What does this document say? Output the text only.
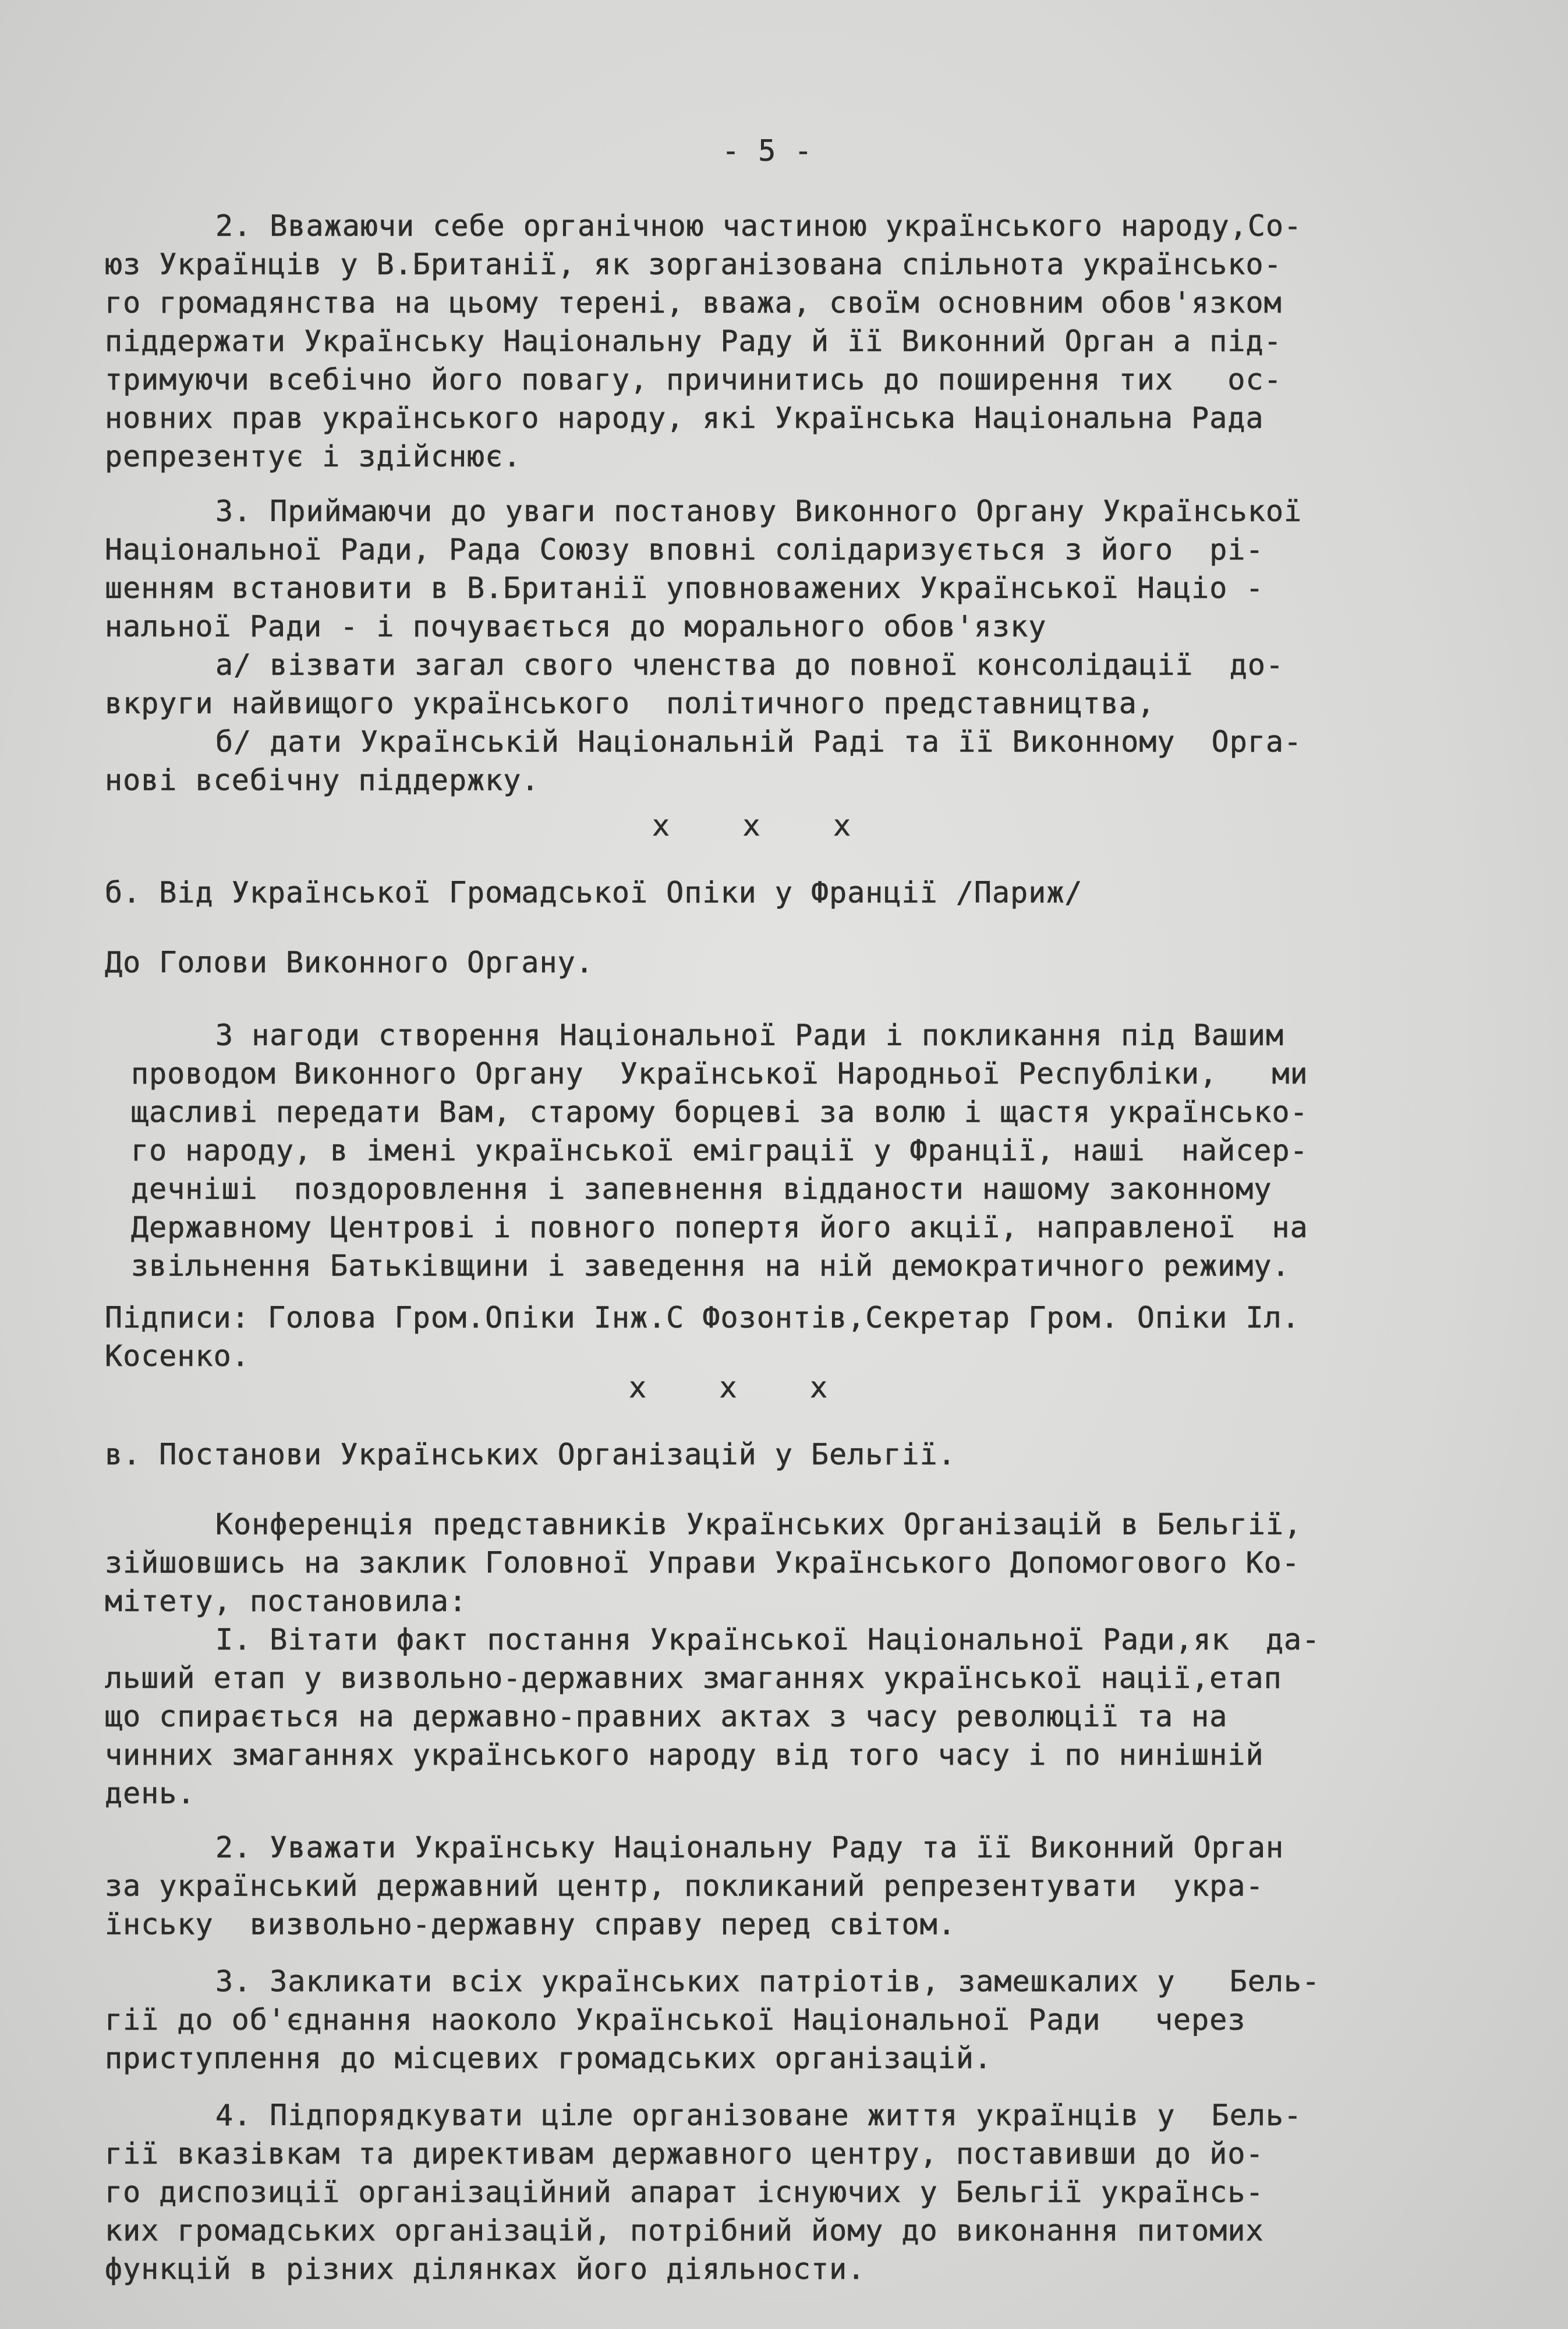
- 5 -
2. Вважаючи себе органічною частиною українського народу,Со-
юз Українців у В.Британії, як зорганізована спільнота українсько-
го громадянства на цьому терені, вважа, своїм основним обов'язком
піддержати Українську Національну Раду й її Виконний Орган а під-
тримуючи всебічно його повагу, причинитись до поширення тих   ос-
новних прав українського народу, які Українська Національна Рада
репрезентує і здійснює.
3. Приймаючи до уваги постанову Виконного Органу Української
Національної Ради, Рада Союзу вповні солідаризується з його  рі-
шенням встановити в В.Британії уповноважених Української Націо -
нальної Ради - і почувається до морального обов'язку
а/ візвати загал свого членства до повної консолідації  до-
вкруги найвищого українського  політичного представництва,
б/ дати Українській Національній Раді та її Виконному  Орга-
нові всебічну піддержку.
x    x    x
б. Від Української Громадської Опіки у Франції /Париж/
До Голови Виконного Органу.
З нагоди створення Національної Ради і покликання під Вашим
проводом Виконного Органу  Української Народньої Республіки,   ми
щасливі передати Вам, старому борцеві за волю і щастя українсько-
го народу, в імені української еміграції у Франції, наші  найсер-
дечніші  поздоровлення і запевнення відданости нашому законному
Державному Центрові і повного попертя його акції, направленої  на
звільнення Батьківщини і заведення на ній демократичного режиму.
Підписи: Голова Гром.Опіки Інж.С Фозонтів,Секретар Гром. Опіки Іл.
Косенко.
x    x    x
в. Постанови Українських Організацій у Бельгії.
Конференція представників Українських Організацій в Бельгії,
зійшовшись на заклик Головної Управи Українського Допомогового Ко-
мітету, постановила:
І. Вітати факт постання Української Національної Ради,як  да-
льший етап у визвольно-державних змаганнях української нації,етап
що спирається на державно-правних актах з часу революції та на
чинних змаганнях українського народу від того часу і по нинішній
день.
2. Уважати Українську Національну Раду та її Виконний Орган
за український державний центр, покликаний репрезентувати  укра-
їнську  визвольно-державну справу перед світом.
3. Закликати всіх українських патріотів, замешкалих у   Бель-
гії до об'єднання наоколо Української Національної Ради   через
приступлення до місцевих громадських організацій.
4. Підпорядкувати ціле організоване життя українців у  Бель-
гії вказівкам та директивам державного центру, поставивши до йо-
го диспозиції організаційний апарат існуючих у Бельгії українсь-
ких громадських організацій, потрібний йому до виконання питомих
функцій в різних ділянках його діяльности.
